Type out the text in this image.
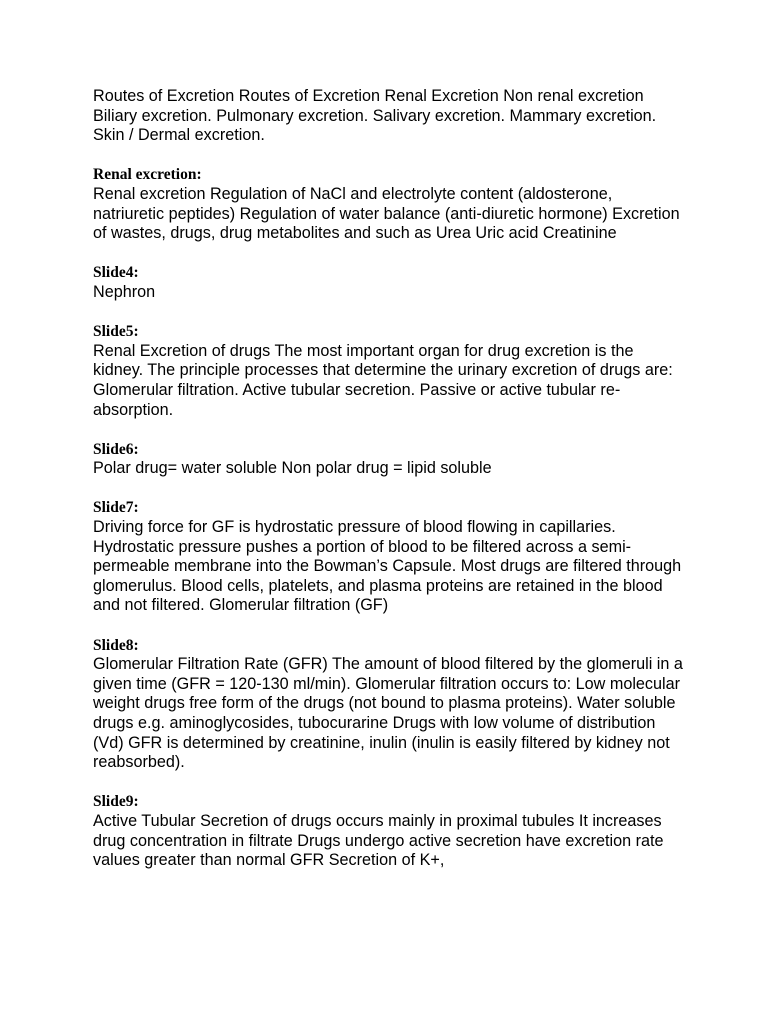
Routes of Excretion Routes of Excretion Renal Excretion Non renal excretion Biliary excretion. Pulmonary excretion. Salivary excretion. Mammary excretion. Skin / Dermal excretion.

Renal excretion:

Renal excretion Regulation of NaCl and electrolyte content (aldosterone, natriuretic peptides) Regulation of water balance (anti-diuretic hormone) Excretion of wastes, drugs, drug metabolites and such as Urea Uric acid Creatinine

Slide4:

Nephron

Slide5:

Renal Excretion of drugs The most important organ for drug excretion is the kidney. The principle processes that determine the urinary excretion of drugs are: Glomerular filtration. Active tubular secretion. Passive or active tubular re-absorption.

Slide6:

Polar drug= water soluble Non polar drug = lipid soluble

Slide7:

Driving force for GF is hydrostatic pressure of blood flowing in capillaries. Hydrostatic pressure pushes a portion of blood to be filtered across a semi-permeable membrane into the Bowman’s Capsule. Most drugs are filtered through glomerulus. Blood cells, platelets, and plasma proteins are retained in the blood and not filtered. Glomerular filtration (GF)

Slide8:

Glomerular Filtration Rate (GFR) The amount of blood filtered by the glomeruli in a given time (GFR = 120-130 ml/min). Glomerular filtration occurs to: Low molecular weight drugs free form of the drugs (not bound to plasma proteins). Water soluble drugs e.g. aminoglycosides, tubocurarine Drugs with low volume of distribution (Vd) GFR is determined by creatinine, inulin (inulin is easily filtered by kidney not reabsorbed).

Slide9:

Active Tubular Secretion of drugs occurs mainly in proximal tubules It increases drug concentration in filtrate Drugs undergo active secretion have excretion rate values greater than normal GFR Secretion of K+,
